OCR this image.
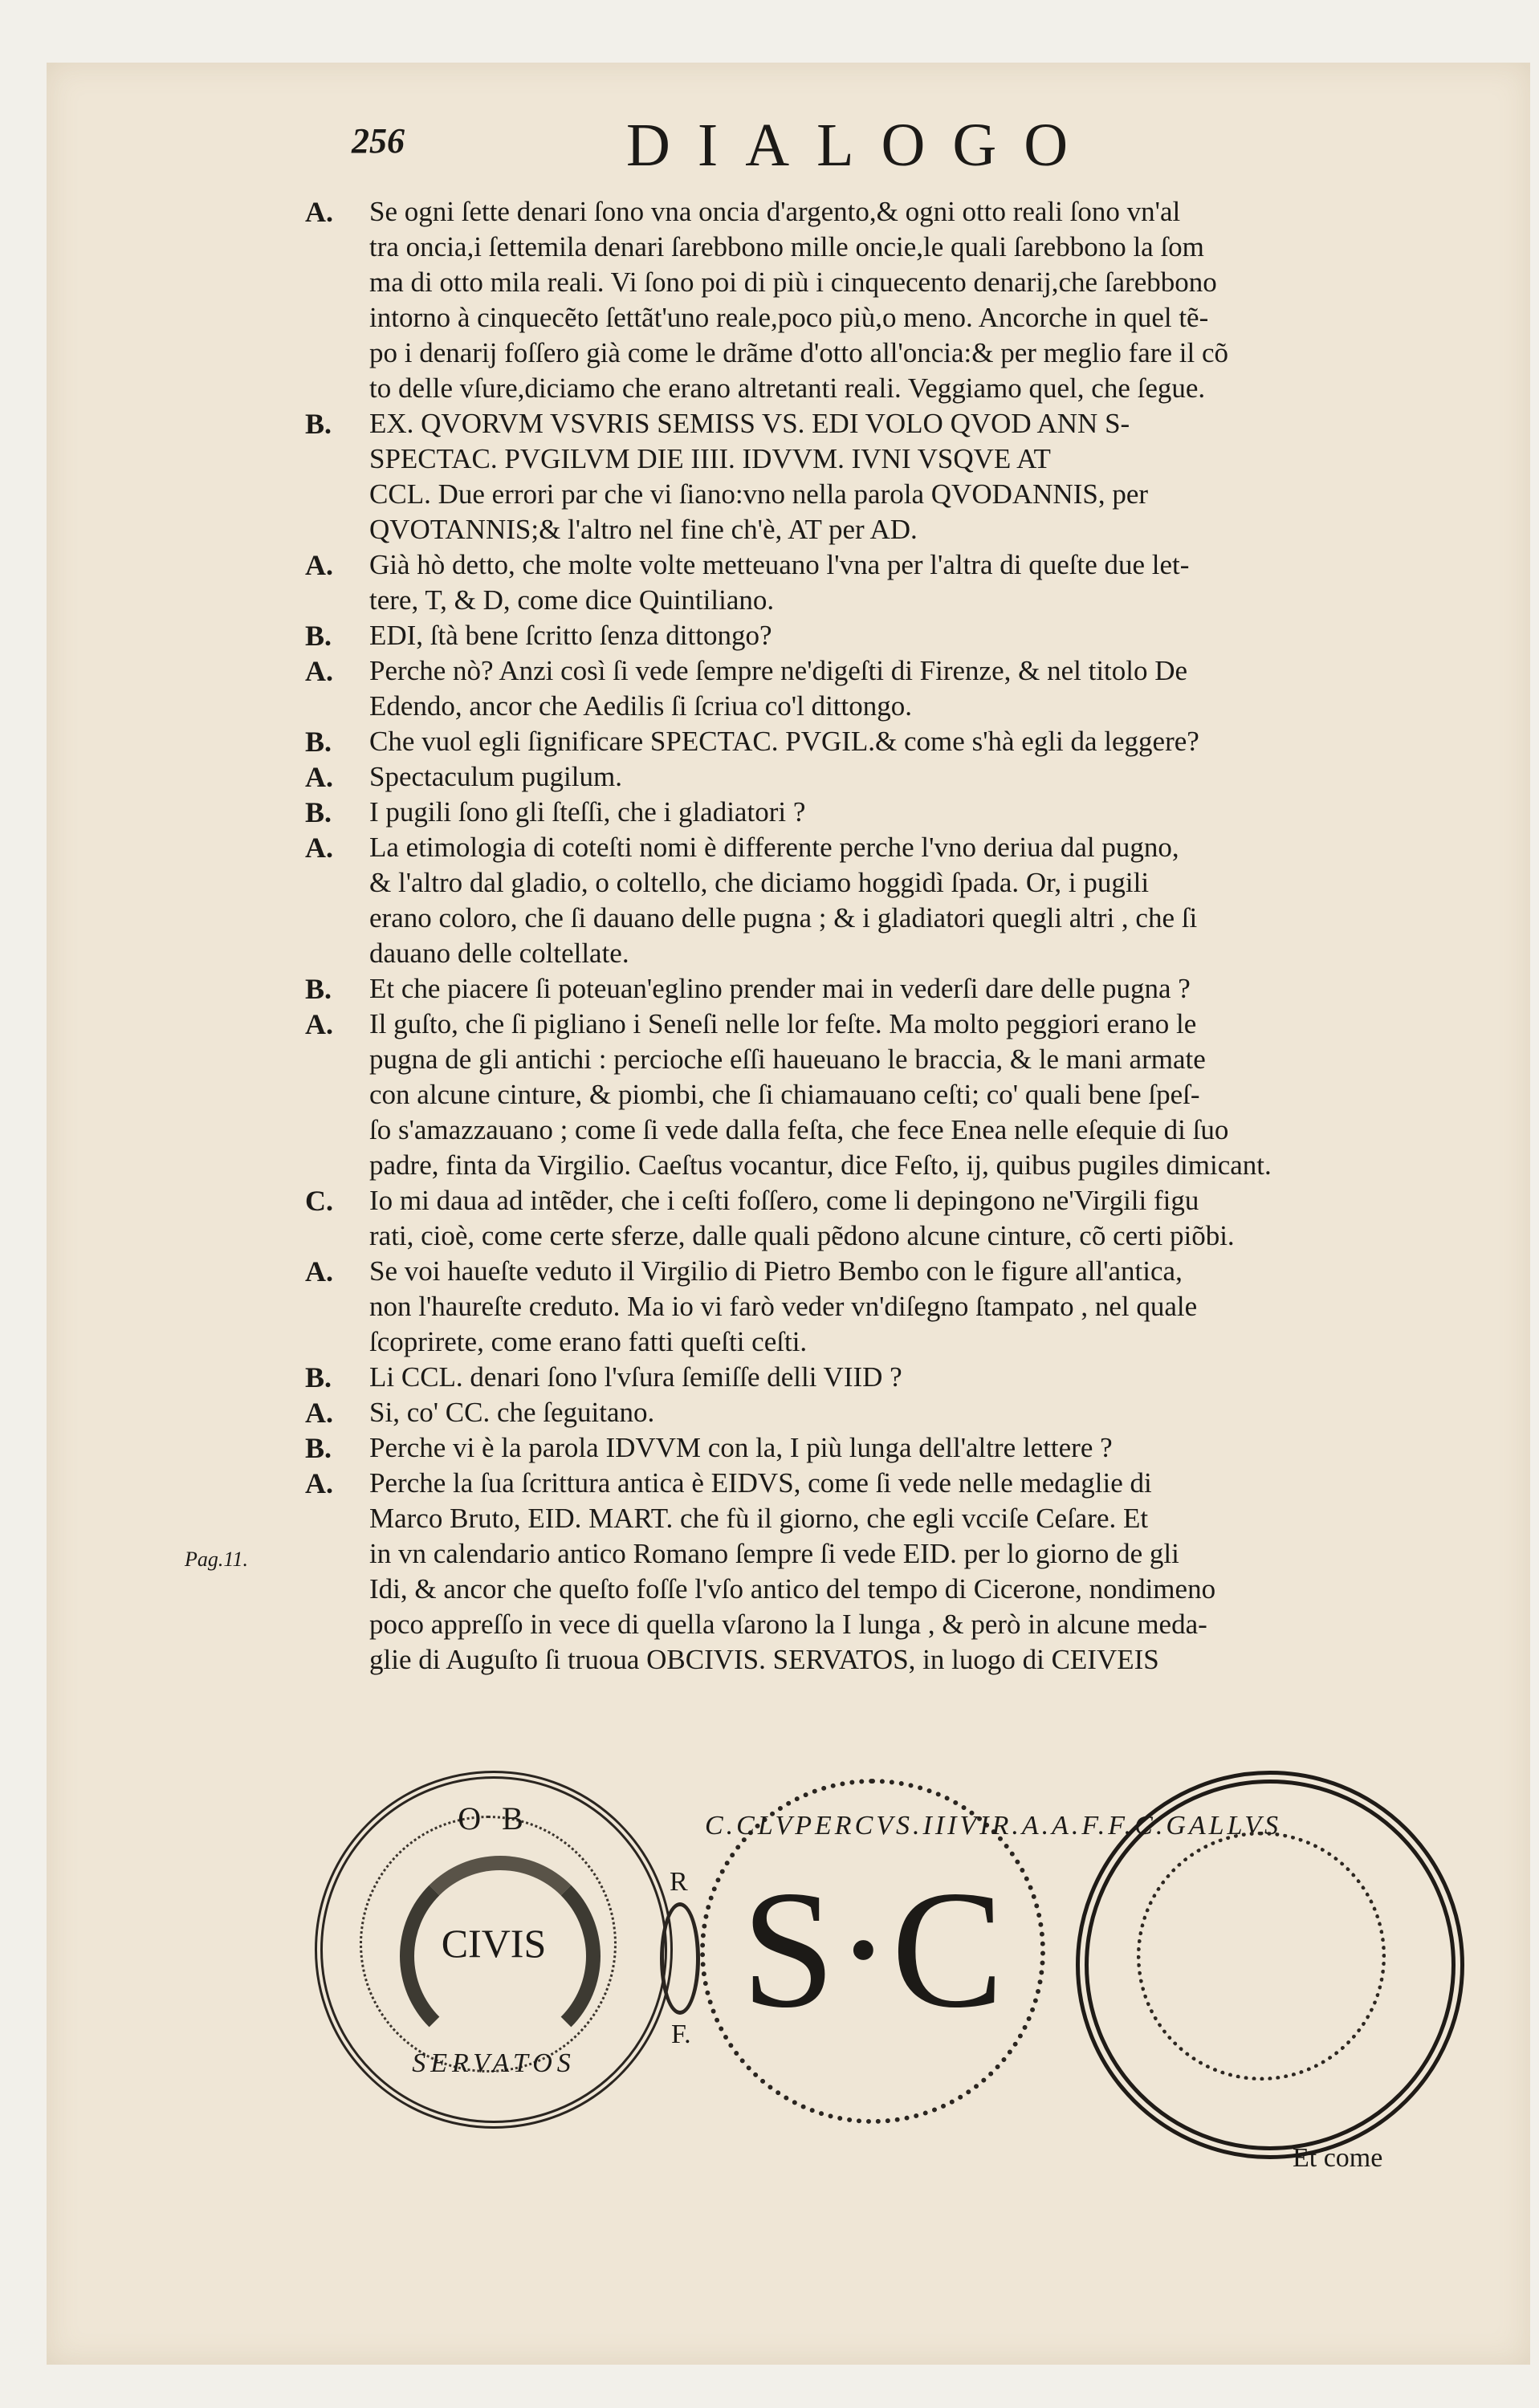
256	DIALOGO
A.	Se ogni ſette denari ſono vna oncia d'argento,& ogni otto reali ſono vn'al
tra oncia,i ſettemila denari ſarebbono mille oncie,le quali ſarebbono la ſom
ma di otto mila reali. Vi ſono poi di più i cinquecento denarij,che ſarebbono
intorno à cinquecẽto ſettãt'uno reale,poco più,o meno. Ancorche in quel tẽ-
po i denarij foſſero già come le drãme d'otto all'oncia:& per meglio fare il cõ
to delle vſure,diciamo che erano altretanti reali. Veggiamo quel, che ſegue.
B.	EX. QVORVM VSVRIS SEMISS VS. EDI VOLO QVOD ANN S-
SPECTAC. PVGILVM DIE IIII. IDVVM. IVNI VSQVE AT
CCL. Due errori par che vi ſiano:vno nella parola QVODANNIS, per
QVOTANNIS;& l'altro nel fine ch'è, AT per AD.
A.	Già hò detto, che molte volte metteuano l'vna per l'altra di queſte due let-
tere, T, & D, come dice Quintiliano.
B.	EDI, ſtà bene ſcritto ſenza dittongo?
A.	Perche nò? Anzi così ſi vede ſempre ne'digeſti di Firenze, & nel titolo De
Edendo, ancor che Aedilis ſi ſcriua co'l dittongo.
B.	Che vuol egli ſignificare SPECTAC. PVGIL.& come s'hà egli da leggere?
A.	Spectaculum pugilum.
B.	I pugili ſono gli ſteſſi, che i gladiatori ?
A.	La etimologia di coteſti nomi è differente perche l'vno deriua dal pugno,
& l'altro dal gladio, o coltello, che diciamo hoggidì ſpada. Or, i pugili
erano coloro, che ſi dauano delle pugna ; & i gladiatori quegli altri , che ſi
dauano delle coltellate.
B.	Et che piacere ſi poteuan'eglino prender mai in vederſi dare delle pugna ?
A.	Il guſto, che ſi pigliano i Seneſi nelle lor feſte. Ma molto peggiori erano le
pugna de gli antichi : percioche eſſi haueuano le braccia, & le mani armate
con alcune cinture, & piombi, che ſi chiamauano ceſti; co' quali bene ſpeſ-
ſo s'amazzauano ; come ſi vede dalla feſta, che fece Enea nelle eſequie di ſuo
padre, finta da Virgilio. Caeſtus vocantur, dice Feſto, ij, quibus pugiles dimicant.
C.	Io mi daua ad intẽder, che i ceſti foſſero, come li depingono ne'Virgili figu
rati, cioè, come certe sferze, dalle quali pẽdono alcune cinture, cõ certi piõbi.
A.	Se voi haueſte veduto il Virgilio di Pietro Bembo con le figure all'antica,
non l'haureſte creduto. Ma io vi farò veder vn'diſegno ſtampato , nel quale
ſcoprirete, come erano fatti queſti ceſti.
B.	Li CCL. denari ſono l'vſura ſemiſſe delli VIID ?
A.	Si, co' CC. che ſeguitano.
B.	Perche vi è la parola IDVVM con la, I più lunga dell'altre lettere ?
A.	Perche la ſua ſcrittura antica è EIDVS, come ſi vede nelle medaglie di
Marco Bruto, EID. MART. che fù il giorno, che egli vcciſe Ceſare. Et
in vn calendario antico Romano ſempre ſi vede EID. per lo giorno de gli
Idi, & ancor che queſto foſſe l'vſo antico del tempo di Cicerone, nondimeno
poco appreſſo in vece di quella vſarono la I lunga , & però in alcune meda-
glie di Auguſto ſi truoua OBCIVIS. SERVATOS, in luogo di CEIVEIS
Pag.11.
O B
CIVIS
SERVATOS
R
F.
C.CLVPERCVS.IIIVIR.A.A.F.F.C.GALLVS
S·C
Et come
